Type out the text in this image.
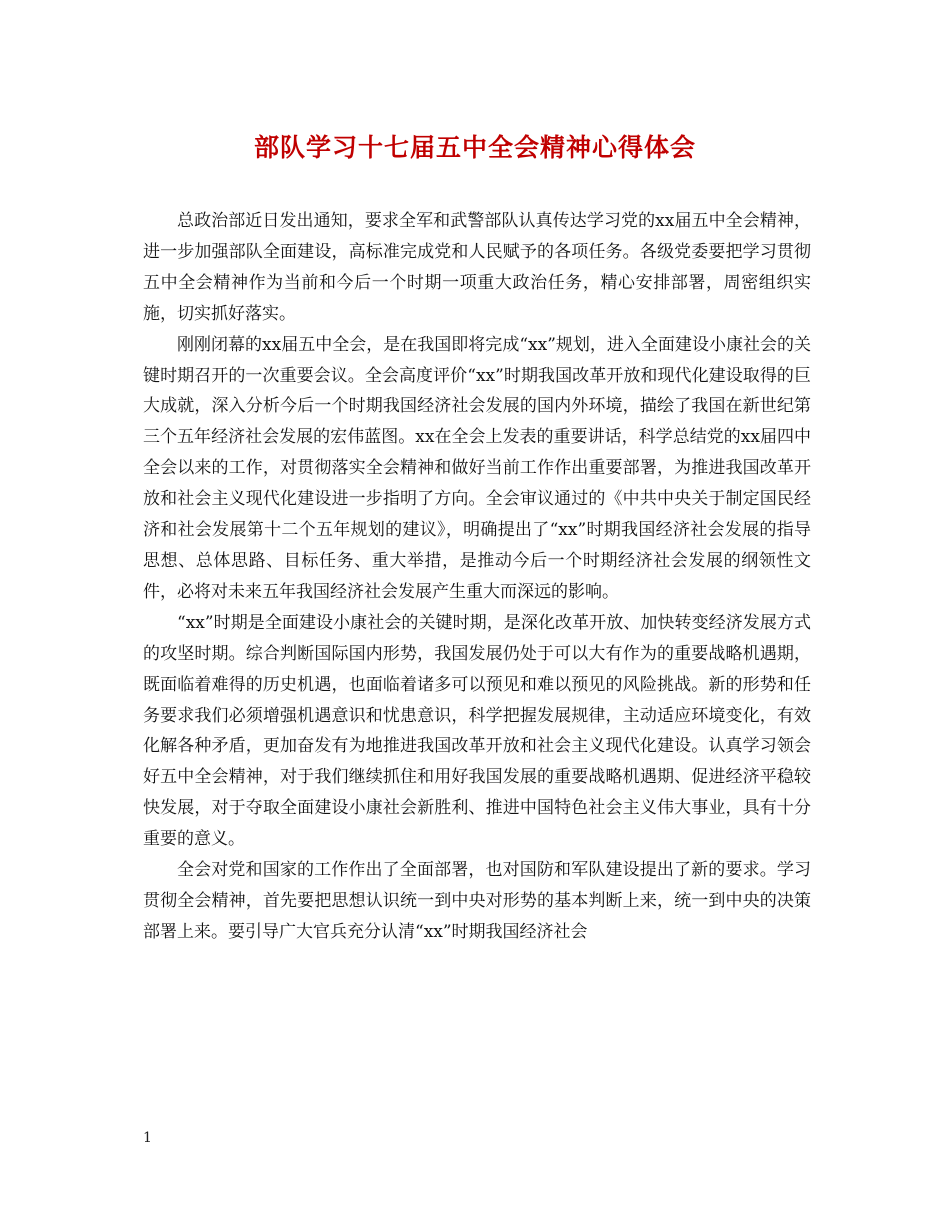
部队学习十七届五中全会精神心得体会

总政治部近日发出通知，要求全军和武警部队认真传达学习党的xx届五中全会精神，进一步加强部队全面建设，高标准完成党和人民赋予的各项任务。各级党委要把学习贯彻五中全会精神作为当前和今后一个时期一项重大政治任务，精心安排部署，周密组织实施，切实抓好落实。

刚刚闭幕的xx届五中全会，是在我国即将完成“xx”规划，进入全面建设小康社会的关键时期召开的一次重要会议。全会高度评价“xx”时期我国改革开放和现代化建设取得的巨大成就，深入分析今后一个时期我国经济社会发展的国内外环境，描绘了我国在新世纪第三个五年经济社会发展的宏伟蓝图。xx在全会上发表的重要讲话，科学总结党的xx届四中全会以来的工作，对贯彻落实全会精神和做好当前工作作出重要部署，为推进我国改革开放和社会主义现代化建设进一步指明了方向。全会审议通过的《中共中央关于制定国民经济和社会发展第十二个五年规划的建议》，明确提出了“xx”时期我国经济社会发展的指导思想、总体思路、目标任务、重大举措，是推动今后一个时期经济社会发展的纲领性文件，必将对未来五年我国经济社会发展产生重大而深远的影响。

“xx”时期是全面建设小康社会的关键时期，是深化改革开放、加快转变经济发展方式的攻坚时期。综合判断国际国内形势，我国发展仍处于可以大有作为的重要战略机遇期，既面临着难得的历史机遇，也面临着诸多可以预见和难以预见的风险挑战。新的形势和任务要求我们必须增强机遇意识和忧患意识，科学把握发展规律，主动适应环境变化，有效化解各种矛盾，更加奋发有为地推进我国改革开放和社会主义现代化建设。认真学习领会好五中全会精神，对于我们继续抓住和用好我国发展的重要战略机遇期、促进经济平稳较快发展，对于夺取全面建设小康社会新胜利、推进中国特色社会主义伟大事业，具有十分重要的意义。

全会对党和国家的工作作出了全面部署，也对国防和军队建设提出了新的要求。学习贯彻全会精神，首先要把思想认识统一到中央对形势的基本判断上来，统一到中央的决策部署上来。要引导广大官兵充分认清“xx”时期我国经济社会

1
